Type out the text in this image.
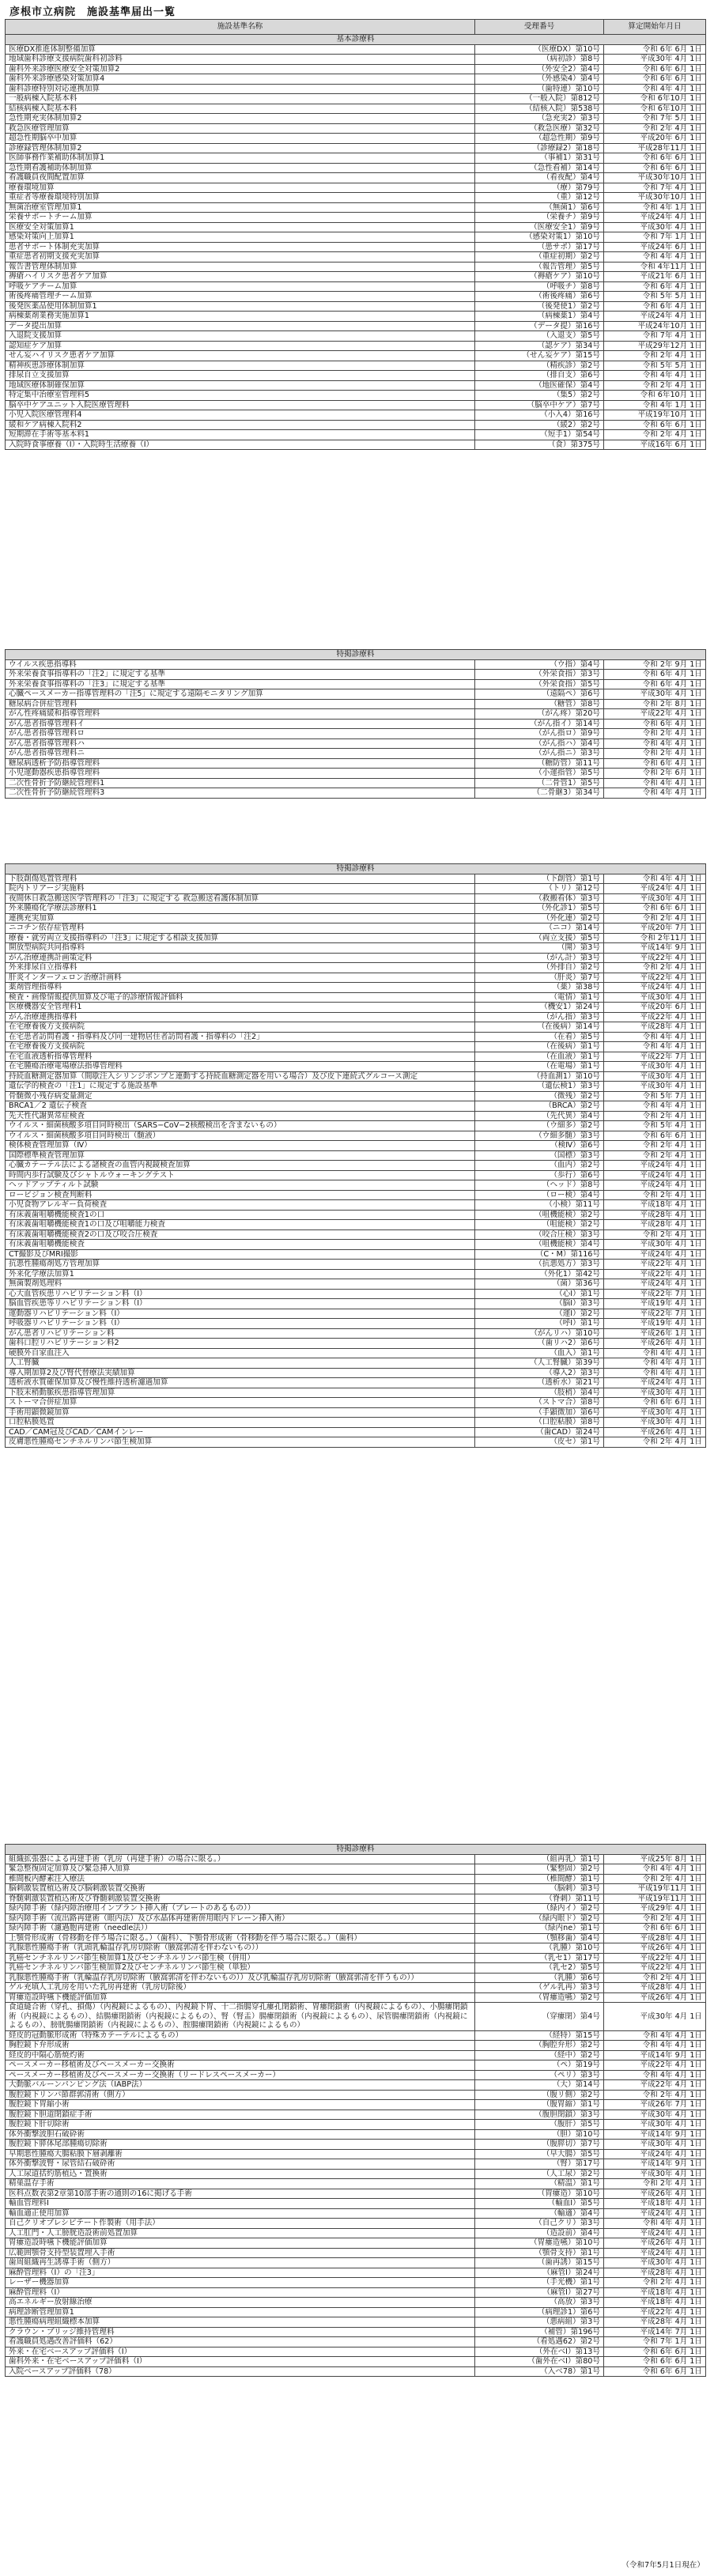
彦根市立病院　施設基準届出一覧
施設基準名称	受理番号	算定開始年月日
基本診療料		
医療DX推進体制整備加算	（医療DX）第10号	令和 6年 6月 1日
地域歯科診療支援病院歯科初診料	（病初診）第8号	平成30年 4月 1日
歯科外来診療医療安全対策加算2	（外安全2）第4号	令和 6年 6月 1日
歯科外来診療感染対策加算4	（外感染4）第4号	令和 6年 6月 1日
歯科診療特別対応連携加算	（歯特連）第10号	令和 4年 4月 1日
一般病棟入院基本料	（一般入院）第812号	令和 6年10月 1日
結核病棟入院基本料	（結核入院）第538号	令和 6年10月 1日
急性期充実体制加算2	（急充実2）第3号	令和 7年 5月 1日
救急医療管理加算	（救急医療）第32号	令和 2年 4月 1日
超急性期脳卒中加算	（超急性期）第9号	平成20年 6月 1日
診療録管理体制加算2	（診療録2）第18号	平成28年11月 1日
医師事務作業補助体制加算1	（事補1）第31号	令和 6年 6月 1日
急性期看護補助体制加算	（急性看補）第14号	令和 6年 6月 1日
看護職員夜間配置加算	（看夜配）第4号	平成30年10月 1日
療養環境加算	（療）第79号	令和 7年 4月 1日
重症者等療養環境特別加算	（重）第12号	平成30年10月 1日
無菌治療室管理加算1	（無菌1）第6号	令和 4年 1月 1日
栄養サポートチーム加算	（栄養チ）第9号	平成24年 4月 1日
医療安全対策加算1	（医療安全1）第9号	平成30年 4月 1日
感染対策向上加算1	（感染対策1）第10号	令和 7年 1月 1日
患者サポート体制充実加算	（患サポ）第17号	平成24年 6月 1日
重症患者初期支援充実加算	（重症初期）第2号	令和 4年 4月 1日
報告書管理体制加算	（報告管理）第5号	令和 4年11月 1日
褥瘡ハイリスク患者ケア加算	（褥瘡ケア）第10号	平成21年 6月 1日
呼吸ケアチーム加算	（呼吸チ）第8号	令和 6年 4月 1日
術後疼痛管理チーム加算	（術後疼痛）第6号	令和 5年 5月 1日
後発医薬品使用体制加算1	（後発使1）第2号	令和 6年 4月 1日
病棟薬剤業務実施加算1	（病棟薬1）第4号	平成24年 4月 1日
データ提出加算	（データ提）第16号	平成24年10月 1日
入退院支援加算	（入退支）第5号	令和 7年 4月 1日
認知症ケア加算	（認ケア）第34号	平成29年12月 1日
せん妄ハイリスク患者ケア加算	（せん妄ケア）第15号	令和 2年 4月 1日
精神疾患診療体制加算	（精疾診）第2号	令和 5年 5月 1日
排尿自立支援加算	（排自支）第6号	令和 4年 4月 1日
地域医療体制確保加算	（地医確保）第4号	令和 2年 4月 1日
特定集中治療室管理料5	（集5）第2号	令和 6年10月 1日
脳卒中ケアユニット入院医療管理料	（脳卒中ケア）第7号	令和 4年 1月 1日
小児入院医療管理料4	（小入4）第16号	平成19年10月 1日
緩和ケア病棟入院料2	（緩2）第2号	令和 6年 6月 1日
短期滞在手術等基本料1	（短手1）第54号	令和 2年 4月 1日
入院時食事療養（Ⅰ）・入院時生活療養（Ⅰ）	（食）第375号	平成16年 6月 1日
特掲診療料		
ウイルス疾患指導料	（ウ指）第4号	令和 2年 9月 1日
外来栄養食事指導料の「注2」に規定する基準	（外栄食指）第3号	令和 6年 4月 1日
外来栄養食事指導料の「注3」に規定する基準	（外栄食指）第5号	令和 6年 4月 1日
心臓ペースメーカー指導管理料の「注5」に規定する遠隔モニタリング加算	（遠隔ペ）第6号	平成30年 4月 1日
糖尿病合併症管理料	（糖管）第8号	令和 2年 8月 1日
がん性疼痛緩和指導管理料	（がん疼）第20号	平成22年 4月 1日
がん患者指導管理料イ	（がん指イ）第14号	令和 6年 4月 1日
がん患者指導管理料ロ	（がん指ロ）第9号	令和 2年 4月 1日
がん患者指導管理料ハ	（がん指ハ）第4号	令和 4年 4月 1日
がん患者指導管理料ニ	（がん指ニ）第3号	令和 2年 4月 1日
糖尿病透析予防指導管理料	（糖防管）第11号	令和 6年 4月 1日
小児運動器疾患指導管理料	（小運指管）第5号	令和 2年 6月 1日
二次性骨折予防継続管理料1	（二骨管1）第5号	令和 4年 4月 1日
二次性骨折予防継続管理料3	（二骨継3）第34号	令和 4年 4月 1日
特掲診療料		
下肢創傷処置管理料	（下創管）第1号	令和 4年 4月 1日
院内トリアージ実施料	（トリ）第12号	平成24年 4月 1日
夜間休日救急搬送医学管理料の「注3」に規定する 救急搬送看護体制加算	（救搬看体）第3号	平成30年 4月 1日
外来腫瘍化学療法診療料1	（外化診1）第5号	令和 6年 6月 1日
連携充実加算	（外化連）第2号	令和 2年 4月 1日
ニコチン依存症管理料	（ニコ）第14号	平成20年 7月 1日
療養・就労両立支援指導料の「注3」に規定する相談支援加算	（両立支援）第5号	令和 2年11月 1日
開放型病院共同指導料	（開）第3号	平成14年 9月 1日
がん治療連携計画策定料	（がん計）第3号	平成22年 4月 1日
外来排尿自立指導料	（外排自）第2号	令和 2年 4月 1日
肝炎インターフェロン治療計画料	（肝炎）第7号	平成22年 4月 1日
薬剤管理指導料	（薬）第38号	平成24年 4月 1日
検査・画像情報提供加算及び電子的診療情報評価料	（電情）第1号	平成30年 4月 1日
医療機器安全管理料1	（機安1）第24号	平成20年 6月 1日
がん治療連携指導料	（がん指）第3号	平成22年 4月 1日
在宅療養後方支援病院	（在後病）第14号	平成28年 4月 1日
在宅患者訪問看護・指導料及び同一建物居住者訪問看護・指導料の「注2」	（在看）第5号	令和 4年 4月 1日
在宅療養後方支援病院	（在後病）第1号	令和 4年 4月 1日
在宅血液透析指導管理料	（在血液）第1号	平成22年 7月 1日
在宅腫瘍治療電場療法指導管理料	（在電場）第1号	平成30年 4月 1日
持続血糖測定器加算（間歇注入シリンジポンプと連動する持続血糖測定器を用いる場合）及び皮下連続式グルコース測定	（持血測1）第10号	平成30年 4月 1日
遺伝学的検査の「注1」に規定する施設基準	（遺伝検1）第3号	平成30年 4月 1日
骨髄微小残存病変量測定	（微残）第2号	令和 5年 7月 1日
BRCA1／2 遺伝子検査	（BRCA）第2号	令和 4年 4月 1日
先天性代謝異常症検査	（先代異）第4号	令和 2年 4月 1日
ウイルス・細菌核酸多項目同時検出（SARS−CoV−2核酸検出を含まないもの）	（ウ細多）第2号	令和 5年 4月 1日
ウイルス・細菌核酸多項目同時検出（髄液）	（ウ細多髄）第3号	令和 6年 6月 1日
検体検査管理加算（Ⅳ）	（検Ⅳ）第6号	令和 2年 4月 1日
国際標準検査管理加算	（国標）第3号	令和 2年 4月 1日
心臓カテーテル法による諸検査の血管内視鏡検査加算	（血内）第2号	平成24年 4月 1日
時間内歩行試験及びシャトルウォーキングテスト	（歩行）第6号	平成24年 4月 1日
ヘッドアップティルト試験	（ヘッド）第8号	平成24年 4月 1日
ロービジョン検査判断料	（ロー検）第4号	令和 2年 4月 1日
小児食物アレルギー負荷検査	（小検）第11号	平成18年 4月 1日
有床義歯咀嚼機能検査1の口	（咀機能検）第2号	平成28年 4月 1日
有床義歯咀嚼機能検査1の口及び咀嚼能力検査	（咀能検）第2号	平成28年 4月 1日
有床義歯咀嚼機能検査2の口及び咬合圧検査	（咬合圧検）第3号	令和 2年 4月 1日
有床義歯咀嚼機能検査	（咀機能検）第4号	平成30年 4月 1日
CT撮影及びMRI撮影	（C・M）第116号	平成24年 4月 1日
抗悪性腫瘍剤処方管理加算	（抗悪処方）第3号	平成22年 4月 1日
外来化学療法加算1	（外化1）第42号	平成22年 4月 1日
無菌製剤処理料	（菌）第36号	平成24年 4月 1日
心大血管疾患リハビリテーション料（Ⅰ）	（心Ⅰ）第1号	平成22年 7月 1日
脳血管疾患等リハビリテーション料（Ⅰ）	（脳Ⅰ）第3号	平成19年 4月 1日
運動器リハビリテーション料（Ⅰ）	（運Ⅰ）第2号	平成22年 7月 1日
呼吸器リハビリテーション料（Ⅰ）	（呼Ⅰ）第1号	平成19年 4月 1日
がん患者リハビリテーション料	（がんリハ）第10号	平成26年 1月 1日
歯科口腔リハビリテーション料2	（歯リハ2）第6号	平成26年 4月 1日
硬膜外自家血注入	（血入）第1号	令和 4年 4月 1日
人工腎臓	（人工腎臓）第39号	令和 4年 4月 1日
導入期加算2及び腎代替療法実績加算	（導入2）第3号	令和 4年 4月 1日
透析液水質確保加算及び慢性維持透析濾過加算	（透析水）第21号	平成24年 4月 1日
下肢末梢動脈疾患指導管理加算	（肢梢）第4号	平成30年 4月 1日
ストーマ合併症加算	（ストマ合）第8号	令和 6年 6月 1日
手術用顕微鏡加算	（手顕微加）第6号	平成30年 4月 1日
口腔粘膜処置	（口腔粘膜）第8号	平成30年 4月 1日
CAD／CAM冠及びCAD／CAMインレー	（歯CAD）第24号	平成26年 4月 1日
皮膚悪性腫瘍センチネルリンパ節生検加算	（皮セ）第1号	令和 2年 4月 1日
特掲診療料		
組織拡張器による再建手術（乳房（再建手術）の場合に限る。）	（組再乳）第1号	平成25年 8月 1日
緊急整復固定加算及び緊急挿入加算	（緊整固）第2号	令和 4年 4月 1日
椎間板内酵素注入療法	（椎間酵）第1号	令和 2年 4月 1日
脳刺激装置植込術及び脳刺激装置交換術	（脳刺）第3号	平成19年11月 1日
脊髄刺激装置植込術及び脊髄刺激装置交換術	（脊刺）第11号	平成19年11月 1日
緑内障手術（緑内障治療用インプラント挿入術（プレートのあるもの））	（緑内イ）第2号	平成29年 4月 1日
緑内障手術（流出路再建術（眼内法）及び水晶体再建術併用眼内ドレーン挿入術）	（緑内眼ド）第2号	令和 2年 4月 1日
緑内障手術（濾過胞再建術（needle法））	（緑内ne）第1号	令和 6年 6月 1日
上顎骨形成術（骨移動を伴う場合に限る。）（歯科）、下顎骨形成術（骨移動を伴う場合に限る。）（歯科）	（顎移歯）第4号	平成28年 4月 1日
乳腺悪性腫瘍手術（乳頭乳輪温存乳房切除術（腋窩郭清を伴わないもの））	（乳腫）第10号	平成26年 4月 1日
乳癌センチネルリンパ節生検加算1及びセンチネルリンパ節生検（併用）	（乳セ1）第17号	平成22年 4月 1日
乳癌センチネルリンパ節生検加算2及びセンチネルリンパ節生検（単独）	（乳セ2）第5号	平成22年 4月 1日
乳腺悪性腫瘍手術（乳輪温存乳房切除術（腋窩郭清を伴わないもの））及び乳輪温存乳房切除術（腋窩郭清を伴うもの））	（乳腫）第6号	令和 2年 4月 1日
ゲル充填人工乳房を用いた乳房再建術（乳房切除後）	（ゲル乳再）第3号	平成28年 4月 1日
胃瘻造設時嚥下機能評価加算	（胃瘻造嚥）第2号	平成26年 4月 1日
食道縫合術（穿孔、損傷）（内視鏡によるもの）、内視鏡下胃、十二指腸穿孔瘻孔閉鎖術、胃瘻閉鎖術（内視鏡によるもの）、小腸瘻閉鎖術（内視鏡によるもの）、結腸瘻閉鎖術（内視鏡によるもの）、腎（腎盂）腸瘻閉鎖術（内視鏡によるもの）、尿管腸瘻閉鎖術（内視鏡によるもの）、膀胱腸瘻閉鎖術（内視鏡によるもの）、腟腸瘻閉鎖術（内視鏡によるもの）	（穿瘻閉）第4号	平成30年 4月 1日
経皮的冠動脈形成術（特殊カテーテルによるもの）	（経特）第15号	令和 4年 4月 1日
胸腔鏡下弁形成術	（胸腔弁形）第2号	令和 4年 4月 1日
経皮的中隔心筋焼灼術	（経中）第2号	平成14年 9月 1日
ペースメーカー移植術及びペースメーカー交換術	（ペ）第19号	平成22年 4月 1日
ペースメーカー移植術及びペースメーカー交換術（リードレスペースメーカー）	（ペリ）第3号	令和 4年 4月 1日
大動脈バルーンパンピング法（IABP法）	（大）第14号	平成22年 4月 1日
腹腔鏡下リンパ節群郭清術（側方）	（腹リ側）第2号	令和 2年 4月 1日
腹腔鏡下胃縮小術	（腹胃縮）第1号	平成26年 7月 1日
腹腔鏡下胆道閉鎖症手術	（腹胆閉鎖）第3号	平成30年 4月 1日
腹腔鏡下肝切除術	（腹肝）第5号	平成30年 4月 1日
体外衝撃波胆石破砕術	（胆）第10号	平成14年 9月 1日
腹腔鏡下膵体尾部腫瘍切除術	（腹膵切）第7号	平成30年 4月 1日
早期悪性腫瘍大腸粘膜下層剥離術	（早大腸）第5号	平成24年 4月 1日
体外衝撃波腎・尿管結石破砕術	（腎）第17号	平成14年 9月 1日
人工尿道括約筋植込・置換術	（人工尿）第2号	平成30年 4月 1日
精巣温存手術	（精温）第1号	令和 2年 4月 1日
医科点数表第2章第10部手術の通則の16に掲げる手術	（胃瘻造）第10号	平成26年 4月 1日
輸血管理料Ⅰ	（輸血Ⅰ）第5号	平成18年 4月 1日
輸血適正使用加算	（輸適）第4号	平成24年 4月 1日
自己クリオプレシピテート作製術（用手法）	（自己クリ）第3号	令和 4年 4月 1日
人工肛門・人工膀胱造設術前処置加算	（造設前）第4号	平成24年 4月 1日
胃瘻造設時嚥下機能評価加算	（胃瘻造嚥）第10号	平成26年 4月 1日
広範囲顎骨支持型装置埋入手術	（顎骨支持）第1号	平成24年 4月 1日
歯周組織再生誘導手術（側方）	（歯再誘）第15号	平成30年 4月 1日
麻酔管理料（Ⅰ）の「注3」	（麻管Ⅰ）第24号	平成28年 4月 1日
レーザー機器加算	（手光機）第1号	令和 2年 4月 1日
麻酔管理料（Ⅰ）	（麻管Ⅰ）第27号	平成18年 4月 1日
高エネルギー放射線治療	（高放）第3号	平成18年 4月 1日
病理診断管理加算1	（病理診1）第6号	平成22年 4月 1日
悪性腫瘍病理組織標本加算	（悪病組）第3号	平成28年 4月 1日
クラウン・ブリッジ維持管理料	（補管）第196号	平成14年 7月 1日
看護職員処遇改善評価料（62）	（看処遇62）第2号	令和 7年 1月 1日
外来・在宅ベースアップ評価料（Ⅰ）	（外在ベⅠ）第13号	令和 6年 6月 1日
歯科外来・在宅ベースアップ評価料（Ⅰ）	（歯外在ベⅠ）第80号	令和 6年 6月 1日
入院ベースアップ評価料（78）	（入ベ78）第1号	令和 6年 6月 1日
（令和7年5月1日現在）
